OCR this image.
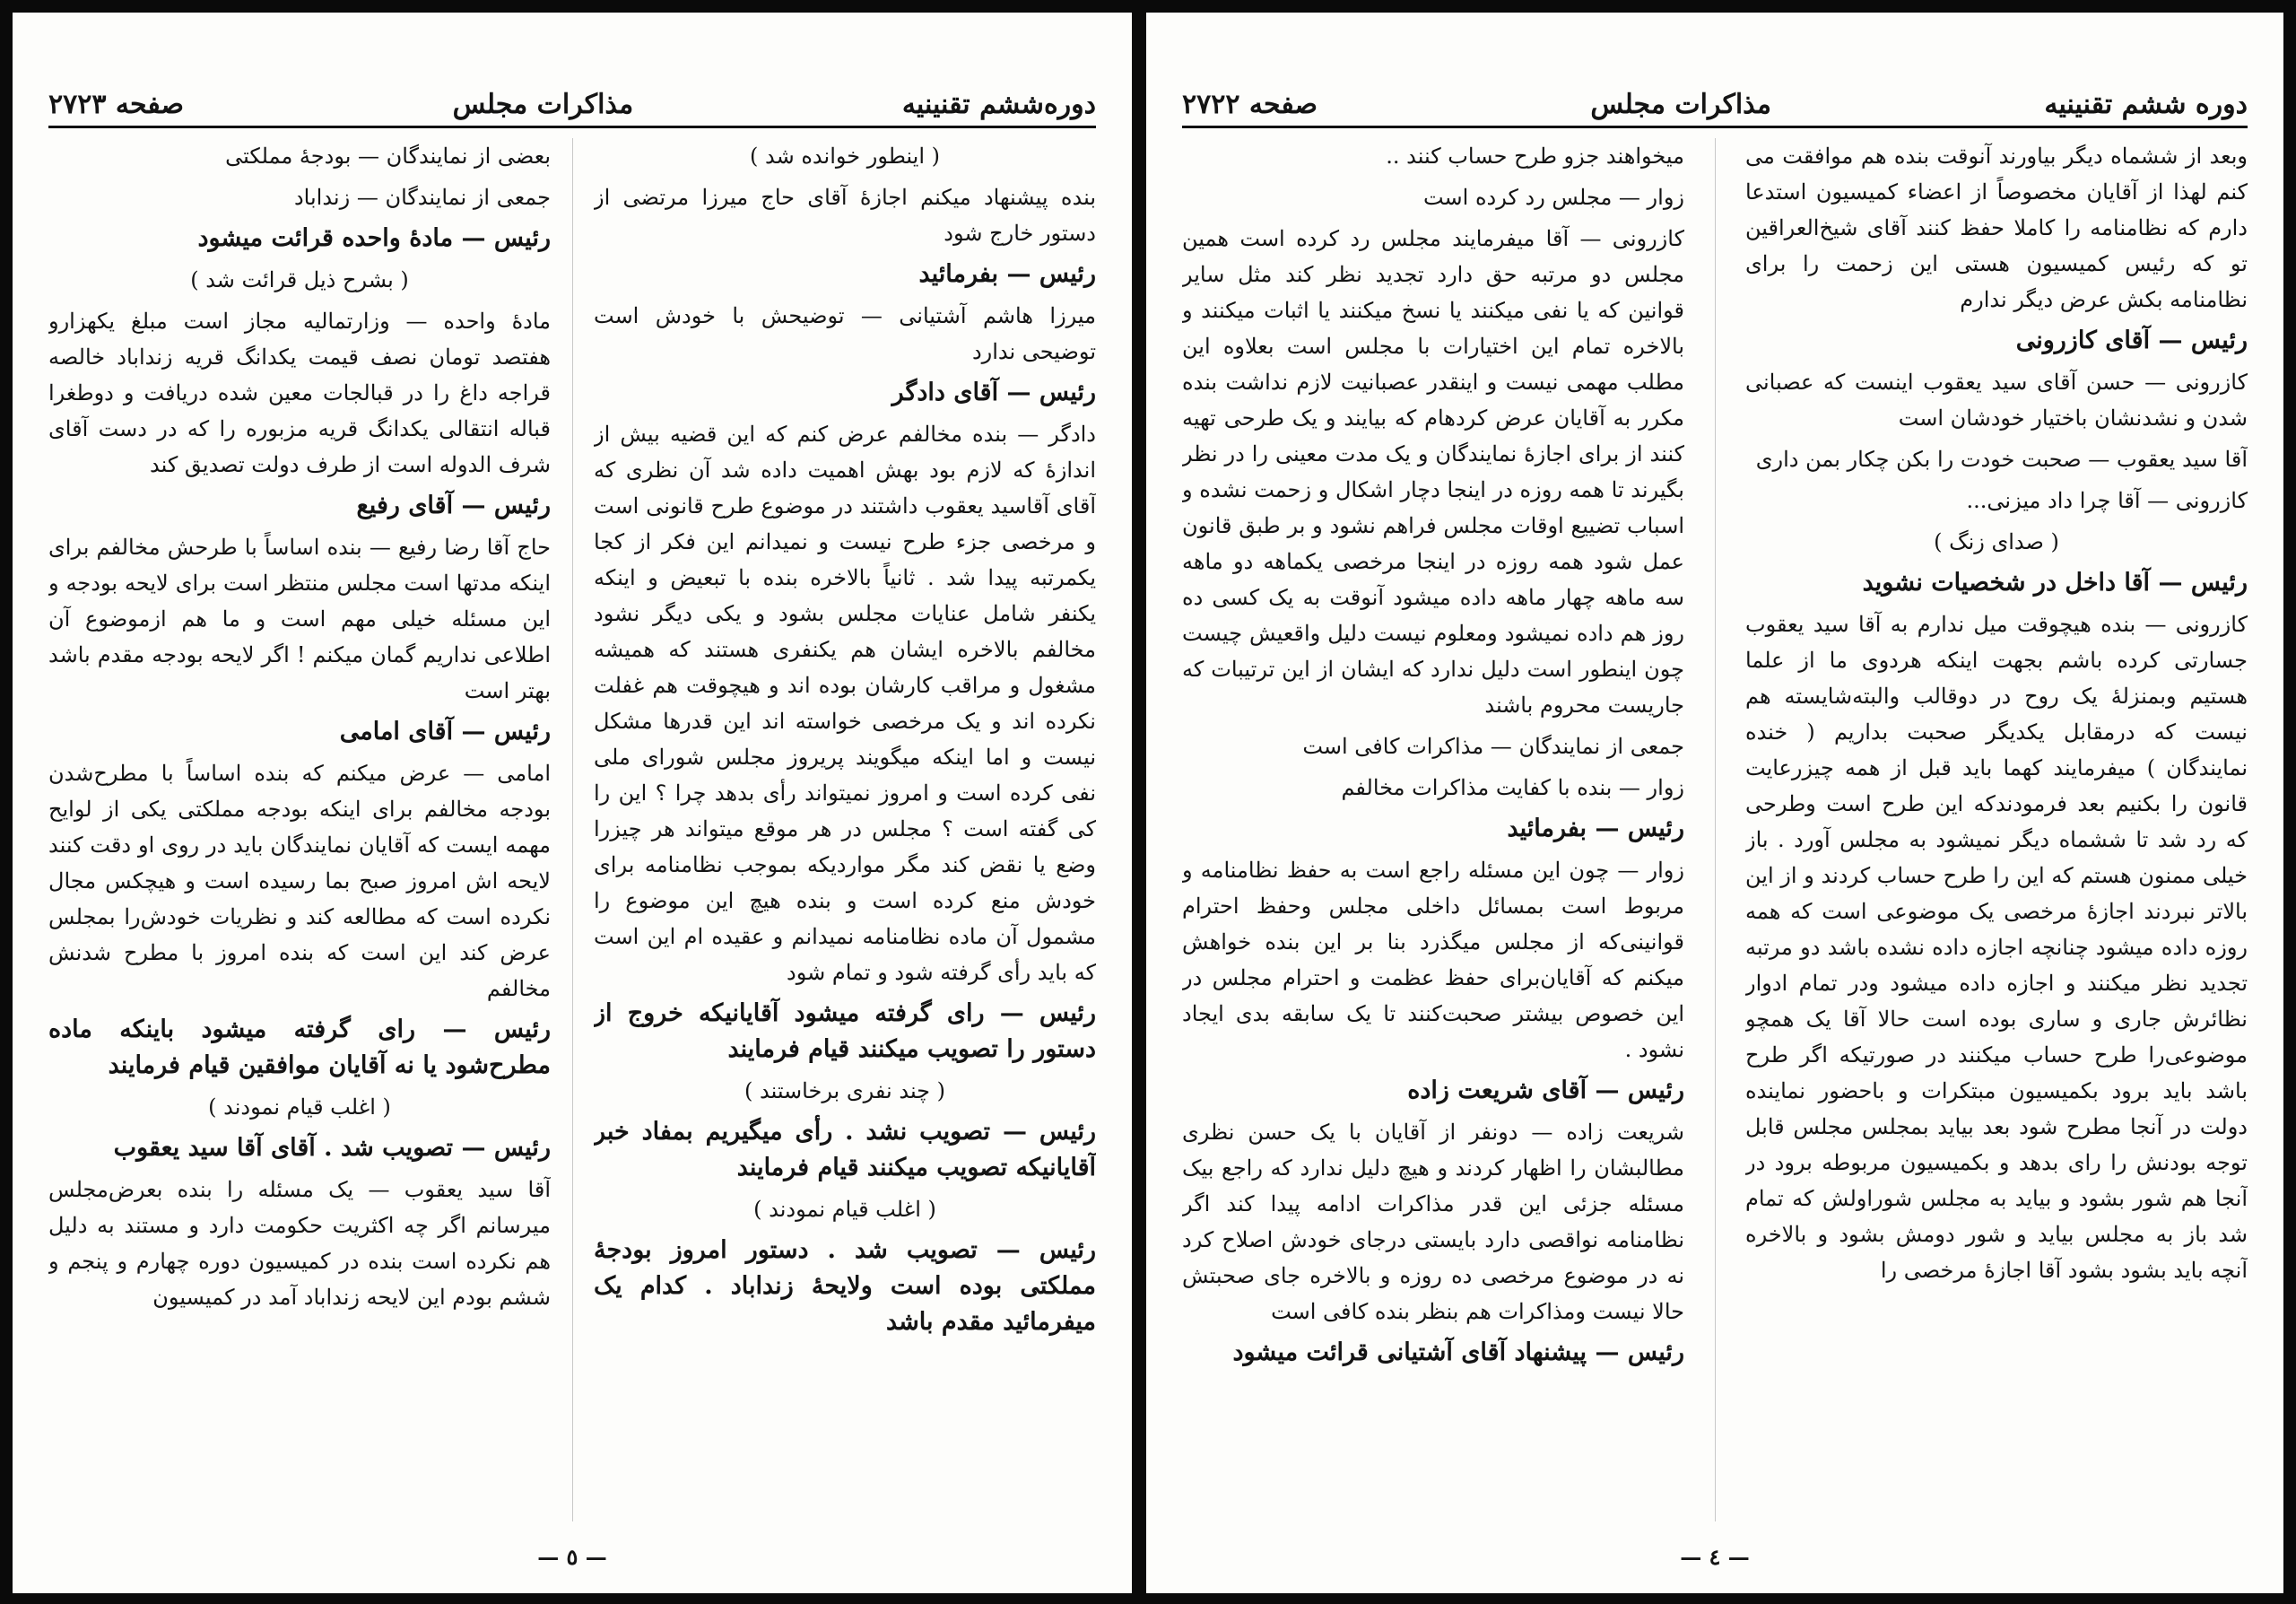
دوره‌ششم تقنینیه
مذاکرات مجلس
صفحه ۲۷۲۳

( اینطور خوانده شد )

بنده پیشنهاد میکنم اجازهٔ آقای حاج میرزا مرتضی از دستور خارج شود

رئیس — بفرمائید

میرزا هاشم آشتیانی — توضیحش با خودش است توضیحی ندارد

رئیس — آقای دادگر

دادگر — بنده مخالفم عرض کنم که این قضیه بیش از اندازهٔ که لازم بود بهش اهمیت داده شد آن نظری که آقای آقاسید یعقوب داشتند در موضوع طرح قانونی است و مرخصی جزء طرح نیست و نمیدانم این فکر از کجا یکمرتبه پیدا شد . ثانیاً بالاخره بنده با تبعیض و اینکه یکنفر شامل عنایات مجلس بشود و یکی دیگر نشود مخالفم بالاخره ایشان هم یکنفری هستند که همیشه مشغول و مراقب کارشان بوده اند و هیچوقت هم غفلت نکرده اند و یک مرخصی خواسته اند این قدرها مشکل نیست و اما اینکه میگویند پریروز مجلس شورای ملی نفی کرده است و امروز نمیتواند رأی بدهد چرا ؟ این را کی گفته است ؟ مجلس در هر موقع میتواند هر چیزرا وضع یا نقض کند مگر مواردیکه بموجب نظامنامه برای خودش منع کرده است و بنده هیچ این موضوع را مشمول آن ماده نظامنامه نمیدانم و عقیده ام این است که باید رأی گرفته شود و تمام شود

رئیس — رای گرفته میشود آقایانیکه خروج از دستور را تصویب میکنند قیام فرمایند

( چند نفری برخاستند )

رئیس — تصویب نشد . رأی میگیریم بمفاد خبر آقایانیکه تصویب میکنند قیام فرمایند

( اغلب قیام نمودند )

رئیس — تصویب شد . دستور امروز بودجهٔ مملکتی بوده است ولایحهٔ زنداباد . کدام یک میفرمائید مقدم باشد

بعضی از نمایندگان — بودجهٔ مملکتی

جمعی از نمایندگان — زنداباد

رئیس — مادهٔ واحده قرائت میشود

( بشرح ذیل قرائت شد )

مادهٔ واحده — وزارتمالیه مجاز است مبلغ یکهزارو هفتصد تومان نصف قیمت یکدانگ قریه زنداباد خالصه قراجه داغ را در قبالجات معین شده دریافت و دوطغرا قباله انتقالی یکدانگ قریه مزبوره را که در دست آقای شرف الدوله است از طرف دولت تصدیق کند

رئیس — آقای رفیع

حاج آقا رضا رفیع — بنده اساساً با طرحش مخالفم برای اینکه مدتها است مجلس منتظر است برای لایحه بودجه و این مسئله خیلی مهم است و ما هم ازموضوع آن اطلاعی نداریم گمان میکنم ! اگر لایحه بودجه مقدم باشد بهتر است

رئیس — آقای امامی

امامی — عرض میکنم که بنده اساساً با مطرح‌شدن بودجه مخالفم برای اینکه بودجه مملکتی یکی از لوایح مهمه ایست که آقایان نمایندگان باید در روی او دقت کنند لایحه اش امروز صبح بما رسیده است و هیچکس مجال نکرده است که مطالعه کند و نظریات خودش‌را بمجلس عرض کند این است که بنده امروز با مطرح شدنش مخالفم

رئیس — رای گرفته میشود باینکه ماده مطرح‌شود یا نه آقایان موافقین قیام فرمایند

( اغلب قیام نمودند )

رئیس — تصویب شد . آقای آقا سید یعقوب

آقا سید یعقوب — یک مسئله را بنده بعرض‌مجلس میرسانم اگر چه اکثریت حکومت دارد و مستند به دلیل هم نکرده است بنده در کمیسیون دوره چهارم و پنجم و ششم بودم این لایحه زنداباد آمد در کمیسیون

— ٥ —
دوره ششم تقنینیه
مذاکرات مجلس
صفحه ۲۷۲۲

وبعد از ششماه دیگر بیاورند آنوقت بنده هم موافقت می کنم لهذا از آقایان مخصوصاً از اعضاء کمیسیون استدعا دارم که نظامنامه را کاملا حفظ کنند آقای شیخ‌العراقین تو که رئیس کمیسیون هستی این زحمت را برای نظامنامه بکش عرض دیگر ندارم

رئیس — آقای کازرونی

کازرونی — حسن آقای سید یعقوب اینست که عصبانی شدن و نشدنشان باختیار خودشان است

آقا سید یعقوب — صحبت خودت را بکن چکار بمن داری

کازرونی — آقا چرا داد میزنی...

( صدای زنگ )

رئیس — آقا داخل در شخصیات نشوید

کازرونی — بنده هیچوقت میل ندارم به آقا سید یعقوب جسارتی کرده باشم بجهت اینکه هردوی ما از علما هستیم وبمنزلهٔ یک روح در دوقالب والبته‌شایسته هم نیست که درمقابل یکدیگر صحبت بداریم ( خنده نمایندگان ) میفرمایند کهما باید قبل از همه چیزرعایت قانون را بکنیم بعد فرمودندکه این طرح است وطرحی که رد شد تا ششماه دیگر نمیشود به مجلس آورد . باز خیلی ممنون هستم که این را طرح حساب کردند و از این بالاتر نبردند اجازهٔ مرخصی یک موضوعی است که همه روزه داده میشود چنانچه اجازه داده نشده باشد دو مرتبه تجدید نظر میکنند و اجازه داده میشود ودر تمام ادوار نظائرش جاری و ساری بوده است حالا آقا یک همچو موضوعی‌را طرح حساب میکنند در صورتیکه اگر طرح باشد باید برود بکمیسیون مبتکرات و باحضور نماینده دولت در آنجا مطرح شود بعد بیاید بمجلس مجلس قابل توجه بودنش را رای بدهد و بکمیسیون مربوطه برود در آنجا هم شور بشود و بیاید به مجلس شوراولش که تمام شد باز به مجلس بیاید و شور دومش بشود و بالاخره آنچه باید بشود بشود آقا اجازهٔ مرخصی را

میخواهند جزو طرح حساب کنند ..

زوار — مجلس رد کرده است

کازرونی — آقا میفرمایند مجلس رد کرده است همین مجلس دو مرتبه حق دارد تجدید نظر کند مثل سایر قوانین که یا نفی میکنند یا نسخ میکنند یا اثبات میکنند و بالاخره تمام این اختیارات با مجلس است بعلاوه این مطلب مهمی نیست و اینقدر عصبانیت لازم نداشت بنده مکرر به آقایان عرض کردهام که بیایند و یک طرحی تهیه کنند از برای اجازهٔ نمایندگان و یک مدت معینی را در نظر بگیرند تا همه روزه در اینجا دچار اشکال و زحمت نشده و اسباب تضییع اوقات مجلس فراهم نشود و بر طبق قانون عمل شود همه روزه در اینجا مرخصی یکماهه دو ماهه سه ماهه چهار ماهه داده میشود آنوقت به یک کسی ده روز هم داده نمیشود ومعلوم نیست دلیل واقعیش چیست چون اینطور است دلیل ندارد که ایشان از این ترتیبات که جاریست محروم باشند

جمعی از نمایندگان — مذاکرات کافی است

زوار — بنده با کفایت مذاکرات مخالفم

رئیس — بفرمائید

زوار — چون این مسئله راجع است به حفظ نظامنامه و مربوط است بمسائل داخلی مجلس وحفظ احترام قوانینی‌که از مجلس میگذرد بنا بر این بنده خواهش میکنم که آقایان‌برای حفظ عظمت و احترام مجلس در این خصوص بیشتر صحبت‌کنند تا یک سابقه بدی ایجاد نشود .

رئیس — آقای شریعت زاده

شریعت زاده — دونفر از آقایان با یک حسن نظری مطالبشان را اظهار کردند و هیچ دلیل ندارد که راجع بیک مسئله جزئی این قدر مذاکرات ادامه پیدا کند اگر نظامنامه نواقصی دارد بایستی درجای خودش اصلاح کرد نه در موضوع مرخصی ده روزه و بالاخره جای صحبتش حالا نیست ومذاکرات هم بنظر بنده کافی است

رئیس — پیشنهاد آقای آشتیانی قرائت میشود

— ٤ —
